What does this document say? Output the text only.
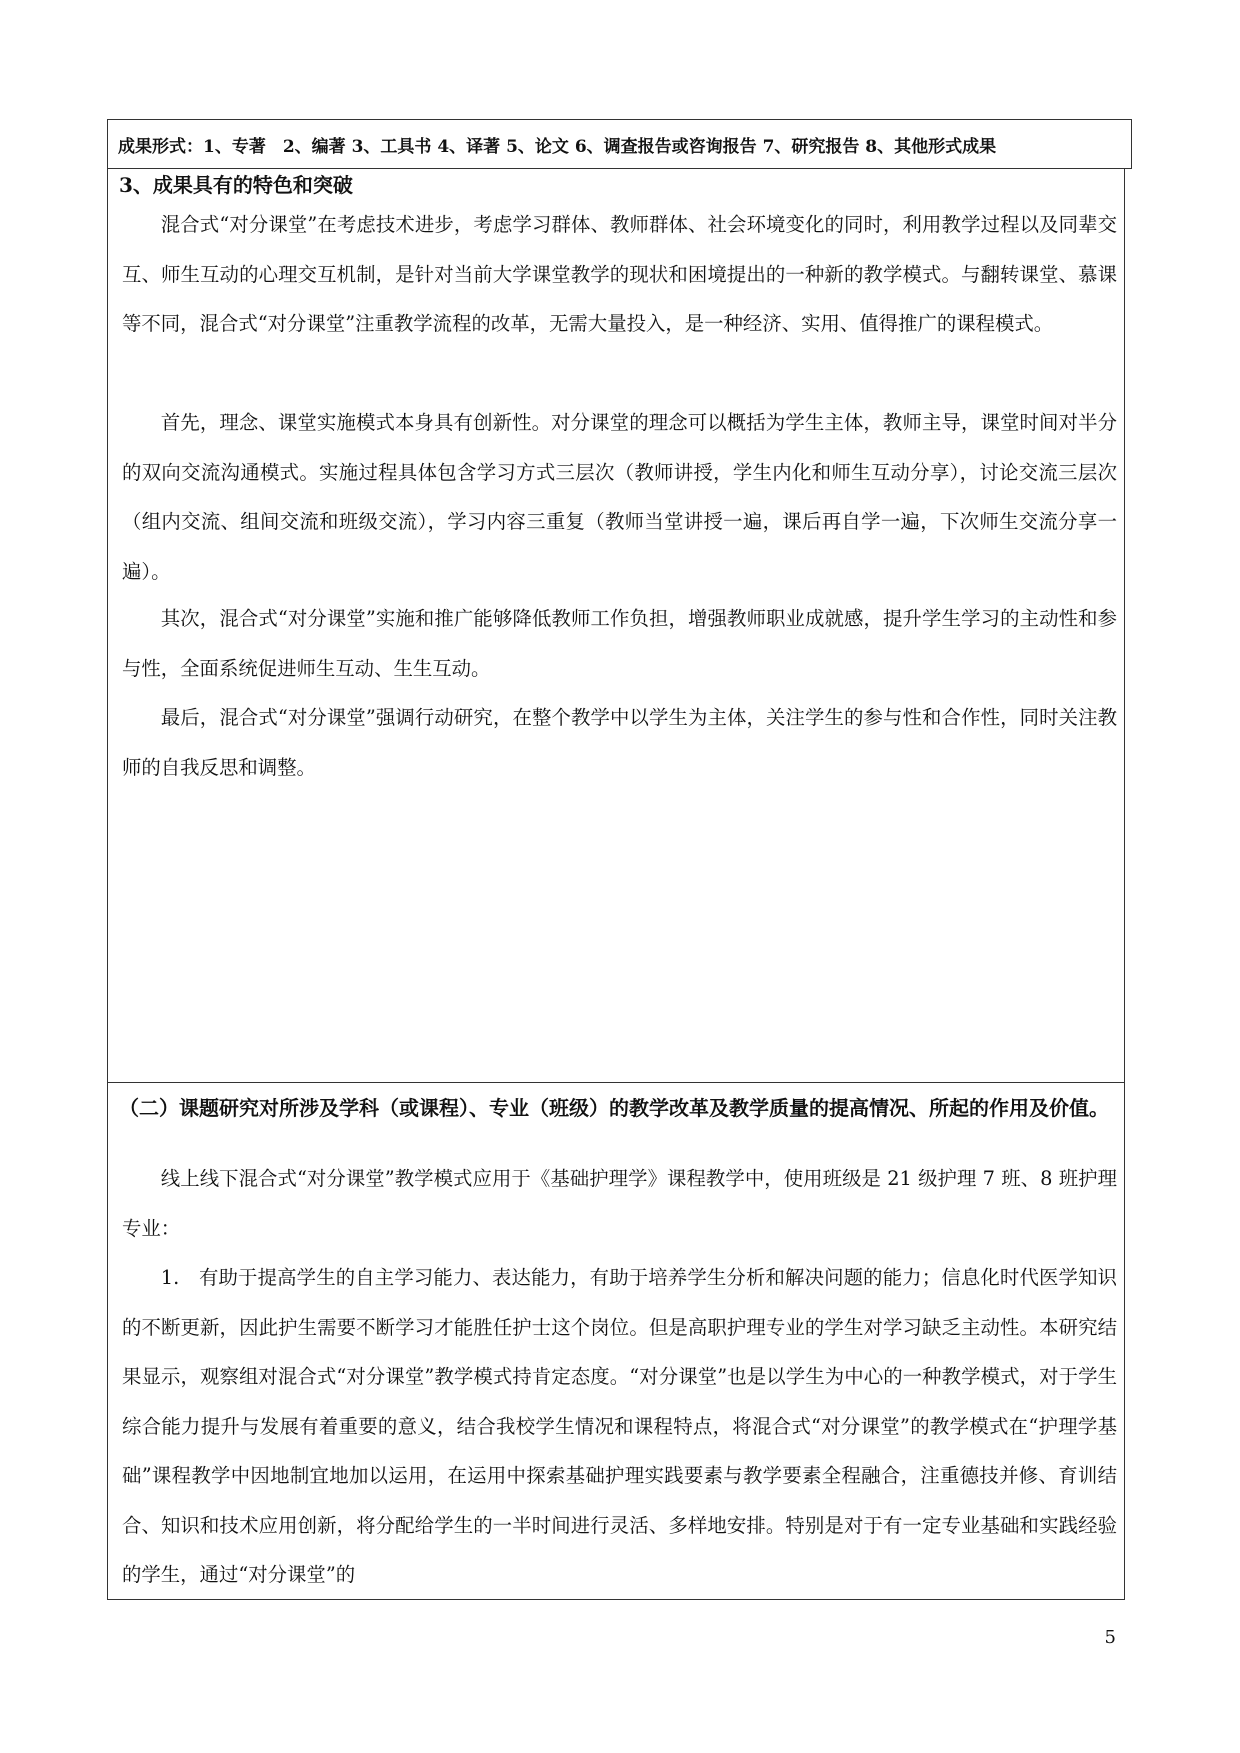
成果形式：1、专著　2、编著 3、工具书 4、译著 5、论文 6、调查报告或咨询报告 7、研究报告 8、其他形式成果
3、成果具有的特色和突破

混合式“对分课堂”在考虑技术进步，考虑学习群体、教师群体、社会环境变化的同时，利用教学过程以及同辈交互、师生互动的心理交互机制，是针对当前大学课堂教学的现状和困境提出的一种新的教学模式。与翻转课堂、慕课等不同，混合式“对分课堂”注重教学流程的改革，无需大量投入，是一种经济、实用、值得推广的课程模式。

首先，理念、课堂实施模式本身具有创新性。对分课堂的理念可以概括为学生主体，教师主导，课堂时间对半分的双向交流沟通模式。实施过程具体包含学习方式三层次（教师讲授，学生内化和师生互动分享），讨论交流三层次（组内交流、组间交流和班级交流），学习内容三重复（教师当堂讲授一遍，课后再自学一遍，下次师生交流分享一遍）。

其次，混合式“对分课堂”实施和推广能够降低教师工作负担，增强教师职业成就感，提升学生学习的主动性和参与性，全面系统促进师生互动、生生互动。

最后，混合式“对分课堂”强调行动研究，在整个教学中以学生为主体，关注学生的参与性和合作性，同时关注教师的自我反思和调整。

（二）课题研究对所涉及学科（或课程）、专业（班级）的教学改革及教学质量的提高情况、所起的作用及价值。

线上线下混合式“对分课堂”教学模式应用于《基础护理学》课程教学中，使用班级是 21 级护理 7 班、8 班护理专业：

1.　有助于提高学生的自主学习能力、表达能力，有助于培养学生分析和解决问题的能力；信息化时代医学知识的不断更新，因此护生需要不断学习才能胜任护士这个岗位。但是高职护理专业的学生对学习缺乏主动性。本研究结果显示，观察组对混合式“对分课堂”教学模式持肯定态度。“对分课堂”也是以学生为中心的一种教学模式，对于学生综合能力提升与发展有着重要的意义，结合我校学生情况和课程特点，将混合式“对分课堂”的教学模式在“护理学基础”课程教学中因地制宜地加以运用，在运用中探索基础护理实践要素与教学要素全程融合，注重德技并修、育训结合、知识和技术应用创新，将分配给学生的一半时间进行灵活、多样地安排。特别是对于有一定专业基础和实践经验的学生，通过“对分课堂”的

5
